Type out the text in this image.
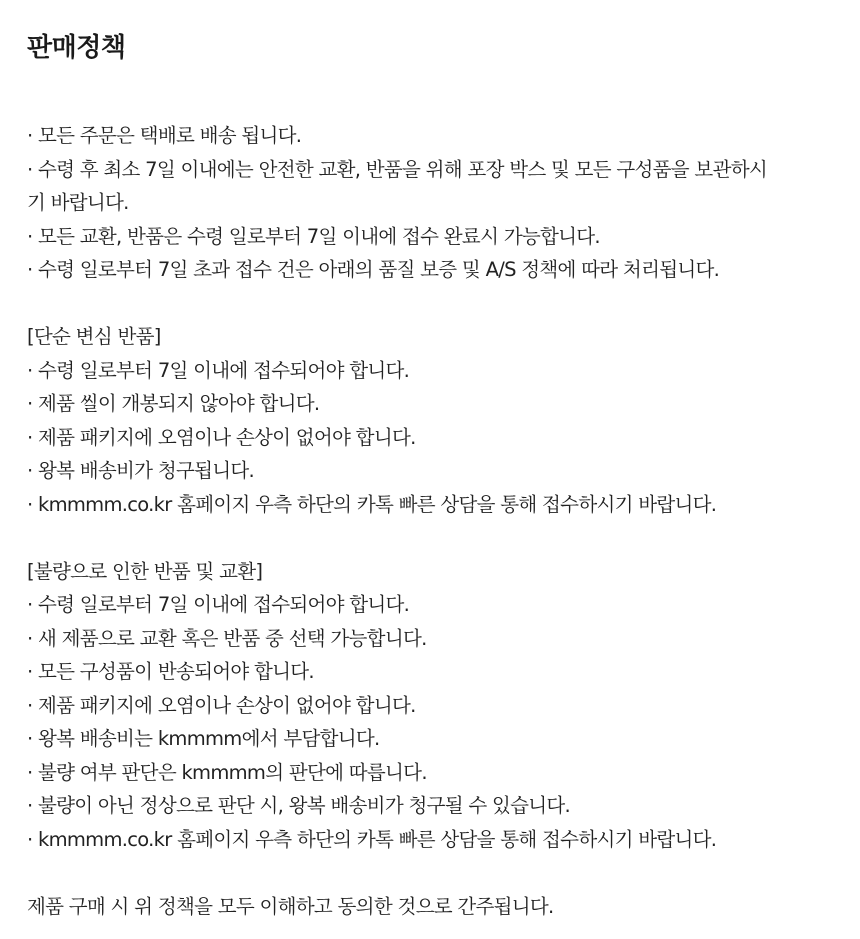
판매정책
· 모든 주문은 택배로 배송 됩니다.
· 수령 후 최소 7일 이내에는 안전한 교환, 반품을 위해 포장 박스 및 모든 구성품을 보관하시
기 바랍니다.
· 모든 교환, 반품은 수령 일로부터 7일 이내에 접수 완료시 가능합니다.
· 수령 일로부터 7일 초과 접수 건은 아래의 품질 보증 및 A/S 정책에 따라 처리됩니다.
[단순 변심 반품]
· 수령 일로부터 7일 이내에 접수되어야 합니다.
· 제품 씰이 개봉되지 않아야 합니다.
· 제품 패키지에 오염이나 손상이 없어야 합니다.
· 왕복 배송비가 청구됩니다.
· kmmmm.co.kr 홈페이지 우측 하단의 카톡 빠른 상담을 통해 접수하시기 바랍니다.
[불량으로 인한 반품 및 교환]
· 수령 일로부터 7일 이내에 접수되어야 합니다.
· 새 제품으로 교환 혹은 반품 중 선택 가능합니다.
· 모든 구성품이 반송되어야 합니다.
· 제품 패키지에 오염이나 손상이 없어야 합니다.
· 왕복 배송비는 kmmmm에서 부담합니다.
· 불량 여부 판단은 kmmmm의 판단에 따릅니다.
· 불량이 아닌 정상으로 판단 시, 왕복 배송비가 청구될 수 있습니다.
· kmmmm.co.kr 홈페이지 우측 하단의 카톡 빠른 상담을 통해 접수하시기 바랍니다.
제품 구매 시 위 정책을 모두 이해하고 동의한 것으로 간주됩니다.
